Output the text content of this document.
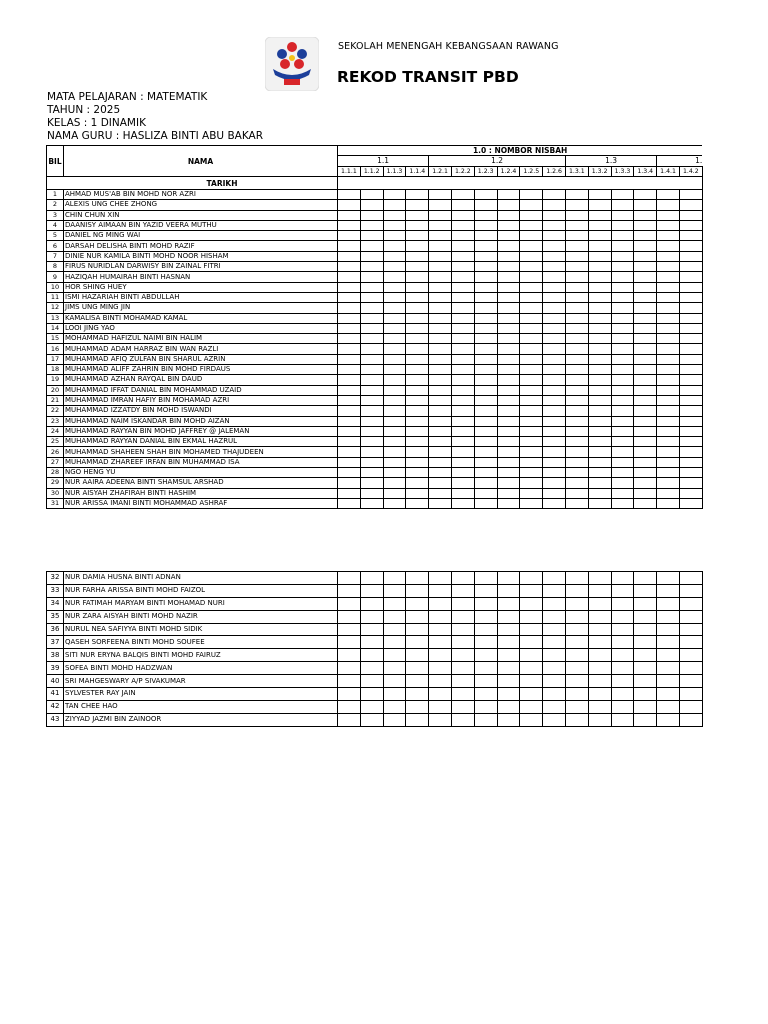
SEKOLAH MENENGAH KEBANGSAAN RAWANG
REKOD TRANSIT PBD
MATA PELAJARAN : MATEMATIK
TAHUN : 2025
KELAS : 1 DINAMIK
NAMA GURU : HASLIZA BINTI ABU BAKAR
BIL	NAMA	1.0 : NOMBOR NISBAH															
		1.1				1.2						1.3				1.	
		1.1.1	1.1.2	1.1.3	1.1.4	1.2.1	1.2.2	1.2.3	1.2.4	1.2.5	1.2.6	1.3.1	1.3.2	1.3.3	1.3.4	1.4.1	1.4.2
TARIKH																	
1	AHMAD MUS'AB BIN MOHD NOR AZRI																
2	ALEXIS UNG CHEE ZHONG																
3	CHIN CHUN XIN																
4	DAANISY AIMAAN BIN YAZID VEERA MUTHU																
5	DANIEL NG MING WAI																
6	DARSAH DELISHA BINTI MOHD RAZIF																
7	DINIE NUR KAMILA BINTI MOHD NOOR HISHAM																
8	FIRUS NURIDLAN DARWISY BIN ZAINAL FITRI																
9	HAZIQAH HUMAIRAH BINTI HASNAN																
10	HOR SHING HUEY																
11	ISMI HAZARIAH BINTI ABDULLAH																
12	JIMS UNG MING JIN																
13	KAMALISA BINTI MOHAMAD KAMAL																
14	LOOI JING YAO																
15	MOHAMMAD HAFIZUL NAIMI BIN HALIM																
16	MUHAMMAD ADAM HARRAZ BIN WAN RAZLI																
17	MUHAMMAD AFIQ ZULFAN BIN SHARUL AZRIN																
18	MUHAMMAD ALIFF ZAHRIN BIN MOHD FIRDAUS																
19	MUHAMMAD AZHAN RAYQAL BIN DAUD																
20	MUHAMMAD IFFAT DANIAL BIN MOHAMMAD UZAID																
21	MUHAMMAD IMRAN HAFIY BIN MOHAMAD AZRI																
22	MUHAMMAD IZZATDY BIN MOHD ISWANDI																
23	MUHAMMAD NAIM ISKANDAR BIN MOHD AIZAN																
24	MUHAMMAD RAYYAN BIN MOHD JAFFREY @ JALEMAN																
25	MUHAMMAD RAYYAN DANIAL BIN EKMAL HAZRUL																
26	MUHAMMAD SHAHEEN SHAH BIN MOHAMED THAJUDEEN																
27	MUHAMMAD ZHAREEF IRFAN BIN MUHAMMAD ISA																
28	NGO HENG YU																
29	NUR AAIRA ADEENA BINTI SHAMSUL ARSHAD																
30	NUR AISYAH ZHAFIRAH BINTI HASHIM																
31	NUR ARISSA IMANI BINTI MOHAMMAD ASHRAF																
32	NUR DAMIA HUSNA BINTI ADNAN																
33	NUR FARHA ARISSA BINTI MOHD FAIZOL																
34	NUR FATIMAH MARYAM BINTI MOHAMAD NURI																
35	NUR ZARA AISYAH BINTI MOHD NAZIR																
36	NURUL NEA SAFIYYA BINTI MOHD SIDIK																
37	QASEH SORFEENA BINTI MOHD SOUFEE																
38	SITI NUR ERYNA BALQIS BINTI MOHD FAIRUZ																
39	SOFEA BINTI MOHD HADZWAN																
40	SRI MAHGESWARY A/P SIVAKUMAR																
41	SYLVESTER RAY JAIN																
42	TAN CHEE HAO																
43	ZIYYAD JAZMI BIN ZAINOOR																
